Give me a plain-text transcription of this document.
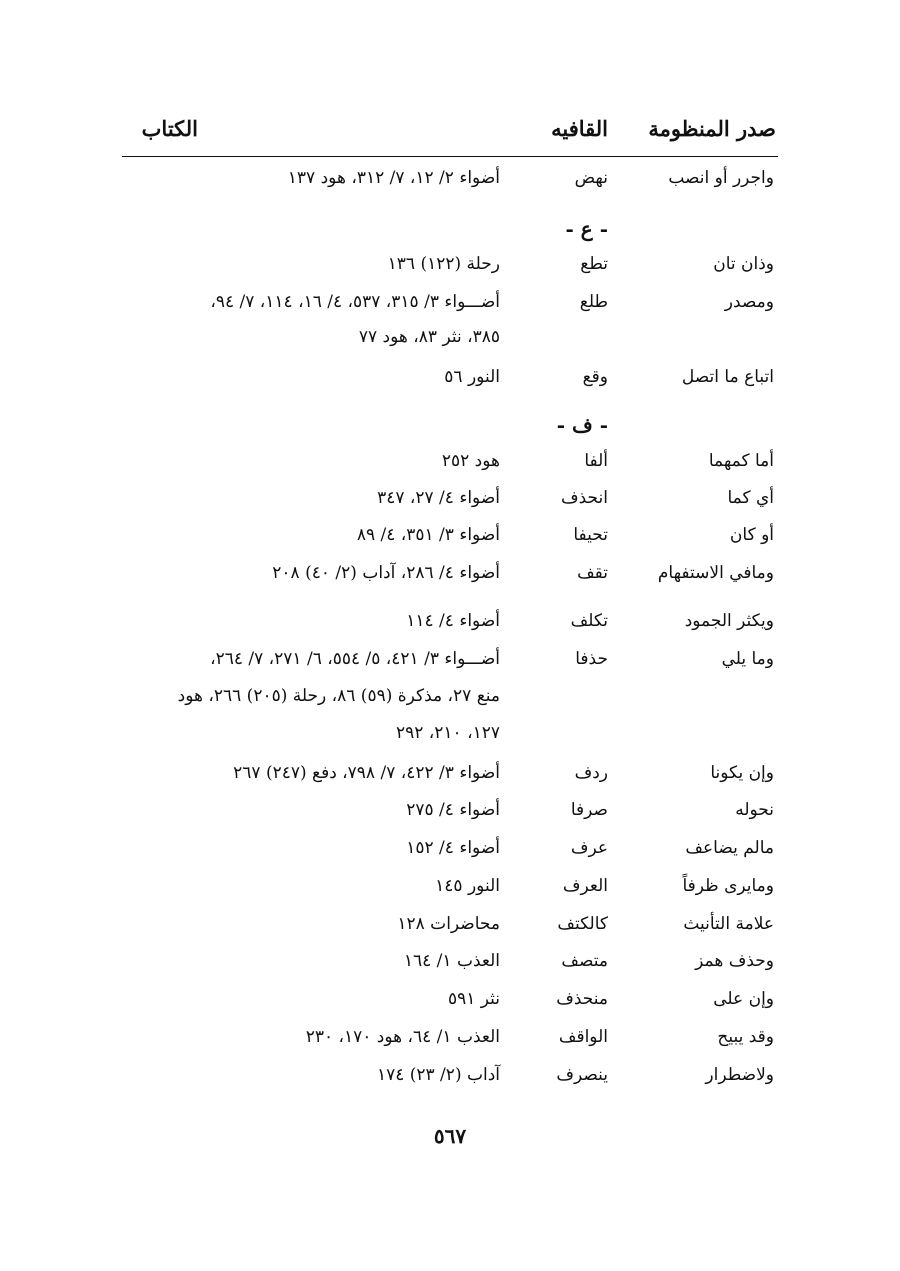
صدر المنظومة
القافيه
الكتاب
واجرر أو انصب
نهض
أضواء ٢/ ١٢، ٧/ ٣١٢، هود ١٣٧
- ع -
وذان تان
تطع
رحلة (١٢٢) ١٣٦
ومصدر
طلع
أضـــواء ٣/ ٣١٥، ٥٣٧، ٤/ ١٦، ١١٤، ٧/ ٩٤،
٣٨٥، نثر ٨٣، هود ٧٧
اتباع ما اتصل
وقع
النور ٥٦
- ف -
أما كمهما
ألفا
هود ٢٥٢
أي كما
انحذف
أضواء ٤/ ٢٧، ٣٤٧
أو كان
تحيفا
أضواء ٣/ ٣٥١، ٤/ ٨٩
ومافي الاستفهام
تقف
أضواء ٤/ ٢٨٦، آداب (٢/ ٤٠) ٢٠٨
ويكثر الجمود
تكلف
أضواء ٤/ ١١٤
وما يلي
حذفا
أضـــواء ٣/ ٤٢١، ٥/ ٥٥٤، ٦/ ٢٧١، ٧/ ٢٦٤،
منع ٢٧، مذكرة (٥٩) ٨٦، رحلة (٢٠٥) ٢٦٦، هود
١٢٧، ٢١٠، ٢٩٢
وإن يكونا
ردف
أضواء ٣/ ٤٢٢، ٧/ ٧٩٨، دفع (٢٤٧) ٢٦٧
نحوله
صرفا
أضواء ٤/ ٢٧٥
مالم يضاعف
عرف
أضواء ٤/ ١٥٢
ومايرى ظرفاً
العرف
النور ١٤٥
علامة التأنيث
كالكتف
محاضرات ١٢٨
وحذف همز
متصف
العذب ١/ ١٦٤
وإن على
منحذف
نثر ٥٩١
وقد يبيح
الواقف
العذب ١/ ٦٤، هود ١٧٠، ٢٣٠
ولاضطرار
ينصرف
آداب (٢/ ٢٣) ١٧٤
٥٦٧
